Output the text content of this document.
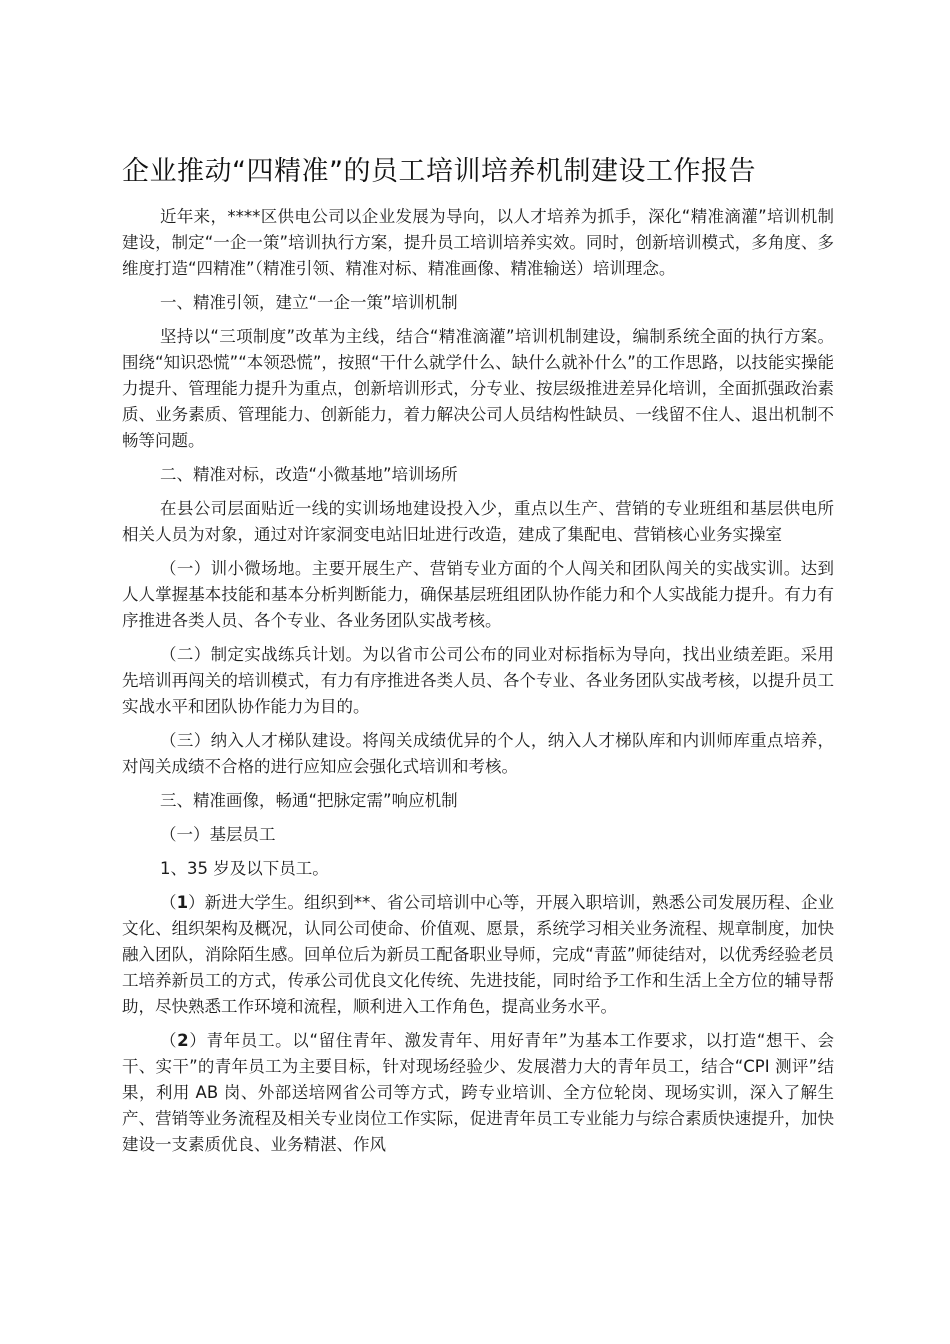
企业推动“四精准”的员工培训培养机制建设工作报告

近年来，****区供电公司以企业发展为导向，以人才培养为抓手，深化“精准滴灌”培训机制建设，制定“一企一策”培训执行方案，提升员工培训培养实效。同时，创新培训模式，多角度、多维度打造“四精准”（精准引领、精准对标、精准画像、精准输送）培训理念。

一、精准引领，建立“一企一策”培训机制

坚持以“三项制度”改革为主线，结合“精准滴灌”培训机制建设，编制系统全面的执行方案。围绕“知识恐慌”“本领恐慌”，按照“干什么就学什么、缺什么就补什么”的工作思路，以技能实操能力提升、管理能力提升为重点，创新培训形式，分专业、按层级推进差异化培训，全面抓强政治素质、业务素质、管理能力、创新能力，着力解决公司人员结构性缺员、一线留不住人、退出机制不畅等问题。

二、精准对标，改造“小微基地”培训场所

在县公司层面贴近一线的实训场地建设投入少，重点以生产、营销的专业班组和基层供电所相关人员为对象，通过对许家洞变电站旧址进行改造，建成了集配电、营销核心业务实操室

（一）训小微场地。主要开展生产、营销专业方面的个人闯关和团队闯关的实战实训。达到人人掌握基本技能和基本分析判断能力，确保基层班组团队协作能力和个人实战能力提升。有力有序推进各类人员、各个专业、各业务团队实战考核。

（二）制定实战练兵计划。为以省市公司公布的同业对标指标为导向，找出业绩差距。采用先培训再闯关的培训模式，有力有序推进各类人员、各个专业、各业务团队实战考核，以提升员工实战水平和团队协作能力为目的。

（三）纳入人才梯队建设。将闯关成绩优异的个人，纳入人才梯队库和内训师库重点培养，对闯关成绩不合格的进行应知应会强化式培训和考核。

三、精准画像，畅通“把脉定需”响应机制

（一）基层员工

1、35 岁及以下员工。

（1）新进大学生。组织到**、省公司培训中心等，开展入职培训，熟悉公司发展历程、企业文化、组织架构及概况，认同公司使命、价值观、愿景，系统学习相关业务流程、规章制度，加快融入团队，消除陌生感。回单位后为新员工配备职业导师，完成“青蓝”师徒结对，以优秀经验老员工培养新员工的方式，传承公司优良文化传统、先进技能，同时给予工作和生活上全方位的辅导帮助，尽快熟悉工作环境和流程，顺利进入工作角色，提高业务水平。

（2）青年员工。以“留住青年、激发青年、用好青年”为基本工作要求，以打造“想干、会干、实干”的青年员工为主要目标，针对现场经验少、发展潜力大的青年员工，结合“CPI 测评”结果，利用 AB 岗、外部送培网省公司等方式，跨专业培训、全方位轮岗、现场实训，深入了解生产、营销等业务流程及相关专业岗位工作实际，促进青年员工专业能力与综合素质快速提升，加快建设一支素质优良、业务精湛、作风
